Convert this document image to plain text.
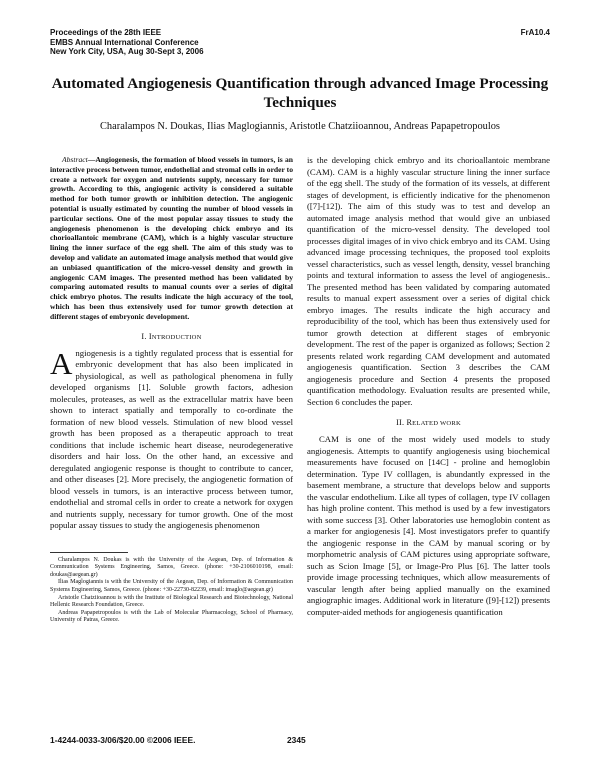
Proceedings of the 28th IEEE
EMBS Annual International Conference
New York City, USA, Aug 30-Sept 3, 2006
FrA10.4
Automated Angiogenesis Quantification through advanced Image Processing Techniques
Charalampos N. Doukas, Ilias Maglogiannis, Aristotle Chatziioannou, Andreas Papapetropoulos

Abstract—Angiogenesis, the formation of blood vessels in tumors, is an interactive process between tumor, endothelial and stromal cells in order to create a network for oxygen and nutrients supply, necessary for tumor growth. According to this, angiogenic activity is considered a suitable method for both tumor growth or inhibition detection. The angiogenic potential is usually estimated by counting the number of blood vessels in particular sections. One of the most popular assay tissues to study the angiogenesis phenomenon is the developing chick embryo and its chorioallantoic membrane (CAM), which is a highly vascular structure lining the inner surface of the egg shell. The aim of this study was to develop and validate an automated image analysis method that would give an unbiased quantification of the micro-vessel density and growth in angiogenic CAM images. The presented method has been validated by comparing automated results to manual counts over a series of digital chick embryo photos. The results indicate the high accuracy of the tool, which has been thus extensively used for tumor growth detection at different stages of embryonic development.

I. INTRODUCTION

Angiogenesis is a tightly regulated process that is essential for embryonic development that has also been implicated in physiological, as well as pathological phenomena in fully developed organisms [1]. Soluble growth factors, adhesion molecules, proteases, as well as the extracellular matrix have been shown to interact spatially and temporally to co-ordinate the formation of new blood vessels. Stimulation of new blood vessel growth has been proposed as a therapeutic approach to treat conditions that include ischemic heart disease, neurodegenerative disorders and hair loss. On the other hand, an excessive and deregulated angiogenic response is thought to contribute to cancer, and other diseases [2]. More precisely, the angiogenetic formation of blood vessels in tumors, is an interactive process between tumor, endothelial and stromal cells in order to create a network for oxygen and nutrients supply, necessary for tumor growth. One of the most popular assay tissues to study the angiogenesis phenomenon

Charalampos N. Doukas is with the University of the Aegean, Dep. of Information & Communication Systems Engineering, Samos, Greece. (phone: +30-2106010198, email: doukas@aegean.gr)

Ilias Maglogiannis is with the University of the Aegean, Dep. of Information & Communication Systems Engineering, Samos, Greece. (phone: +30-22730-82239, email: imaglo@aegean.gr)

Aristotle Chatziioannou is with the Institute of Biological Research and Biotechnology, National Hellenic Research Foundation, Greece.

Andreas Papapetropoulos is with the Lab of Molecular Pharmacology, School of Pharmacy, University of Patras, Greece.

is the developing chick embryo and its chorioallantoic membrane (CAM). CAM is a highly vascular structure lining the inner surface of the egg shell. The study of the formation of its vessels, at different stages of development, is efficiently indicative for the phenomenon ([7]-[12]). The aim of this study was to test and develop an automated image analysis method that would give an unbiased quantification of the micro-vessel density. The developed tool processes digital images of in vivo chick embryo and its CAM. Using advanced image processing techniques, the proposed tool exploits vessel characteristics, such as vessel length, density, vessel branching points and textural information to assess the level of angiogenesis.. The presented method has been validated by comparing automated results to manual expert assessment over a series of digital chick embryo images. The results indicate the high accuracy and reproducibility of the tool, which has been thus extensively used for tumor growth detection at different stages of embryonic development. The rest of the paper is organized as follows; Section 2 presents related work regarding CAM development and automated angiogenesis quantification. Section 3 describes the CAM angiogenesis procedure and Section 4 presents the proposed quantification methodology. Evaluation results are presented while, Section 6 concludes the paper.

II. RELATED WORK

CAM is one of the most widely used models to study angiogenesis. Attempts to quantify angiogenesis using biochemical measurements have focused on [14C] - proline and hemoglobin determination. Type IV colllagen, is abundantly expressed in the basement membrane, a structure that develops below and supports the vascular endothelium. Like all types of collagen, type IV collagen has high proline content. This method is used by a few investigators with some success [3]. Other laboratories use hemoglobin content as a marker for angiogenesis [4]. Most investigators prefer to quantify the angiogenic response in the CAM by manual scoring or by morphometric analysis of CAM pictures using appropriate software, such as Scion Image [5], or Image-Pro Plus [6]. The latter tools provide image processing techniques, which allow measurements of vascular length after being applied manually on the examined angiographic images. Additional work in literature ([9]-[12]) presents computer-aided methods for angiogenesis quantification

1-4244-0033-3/06/$20.00 ©2006 IEEE.	2345
